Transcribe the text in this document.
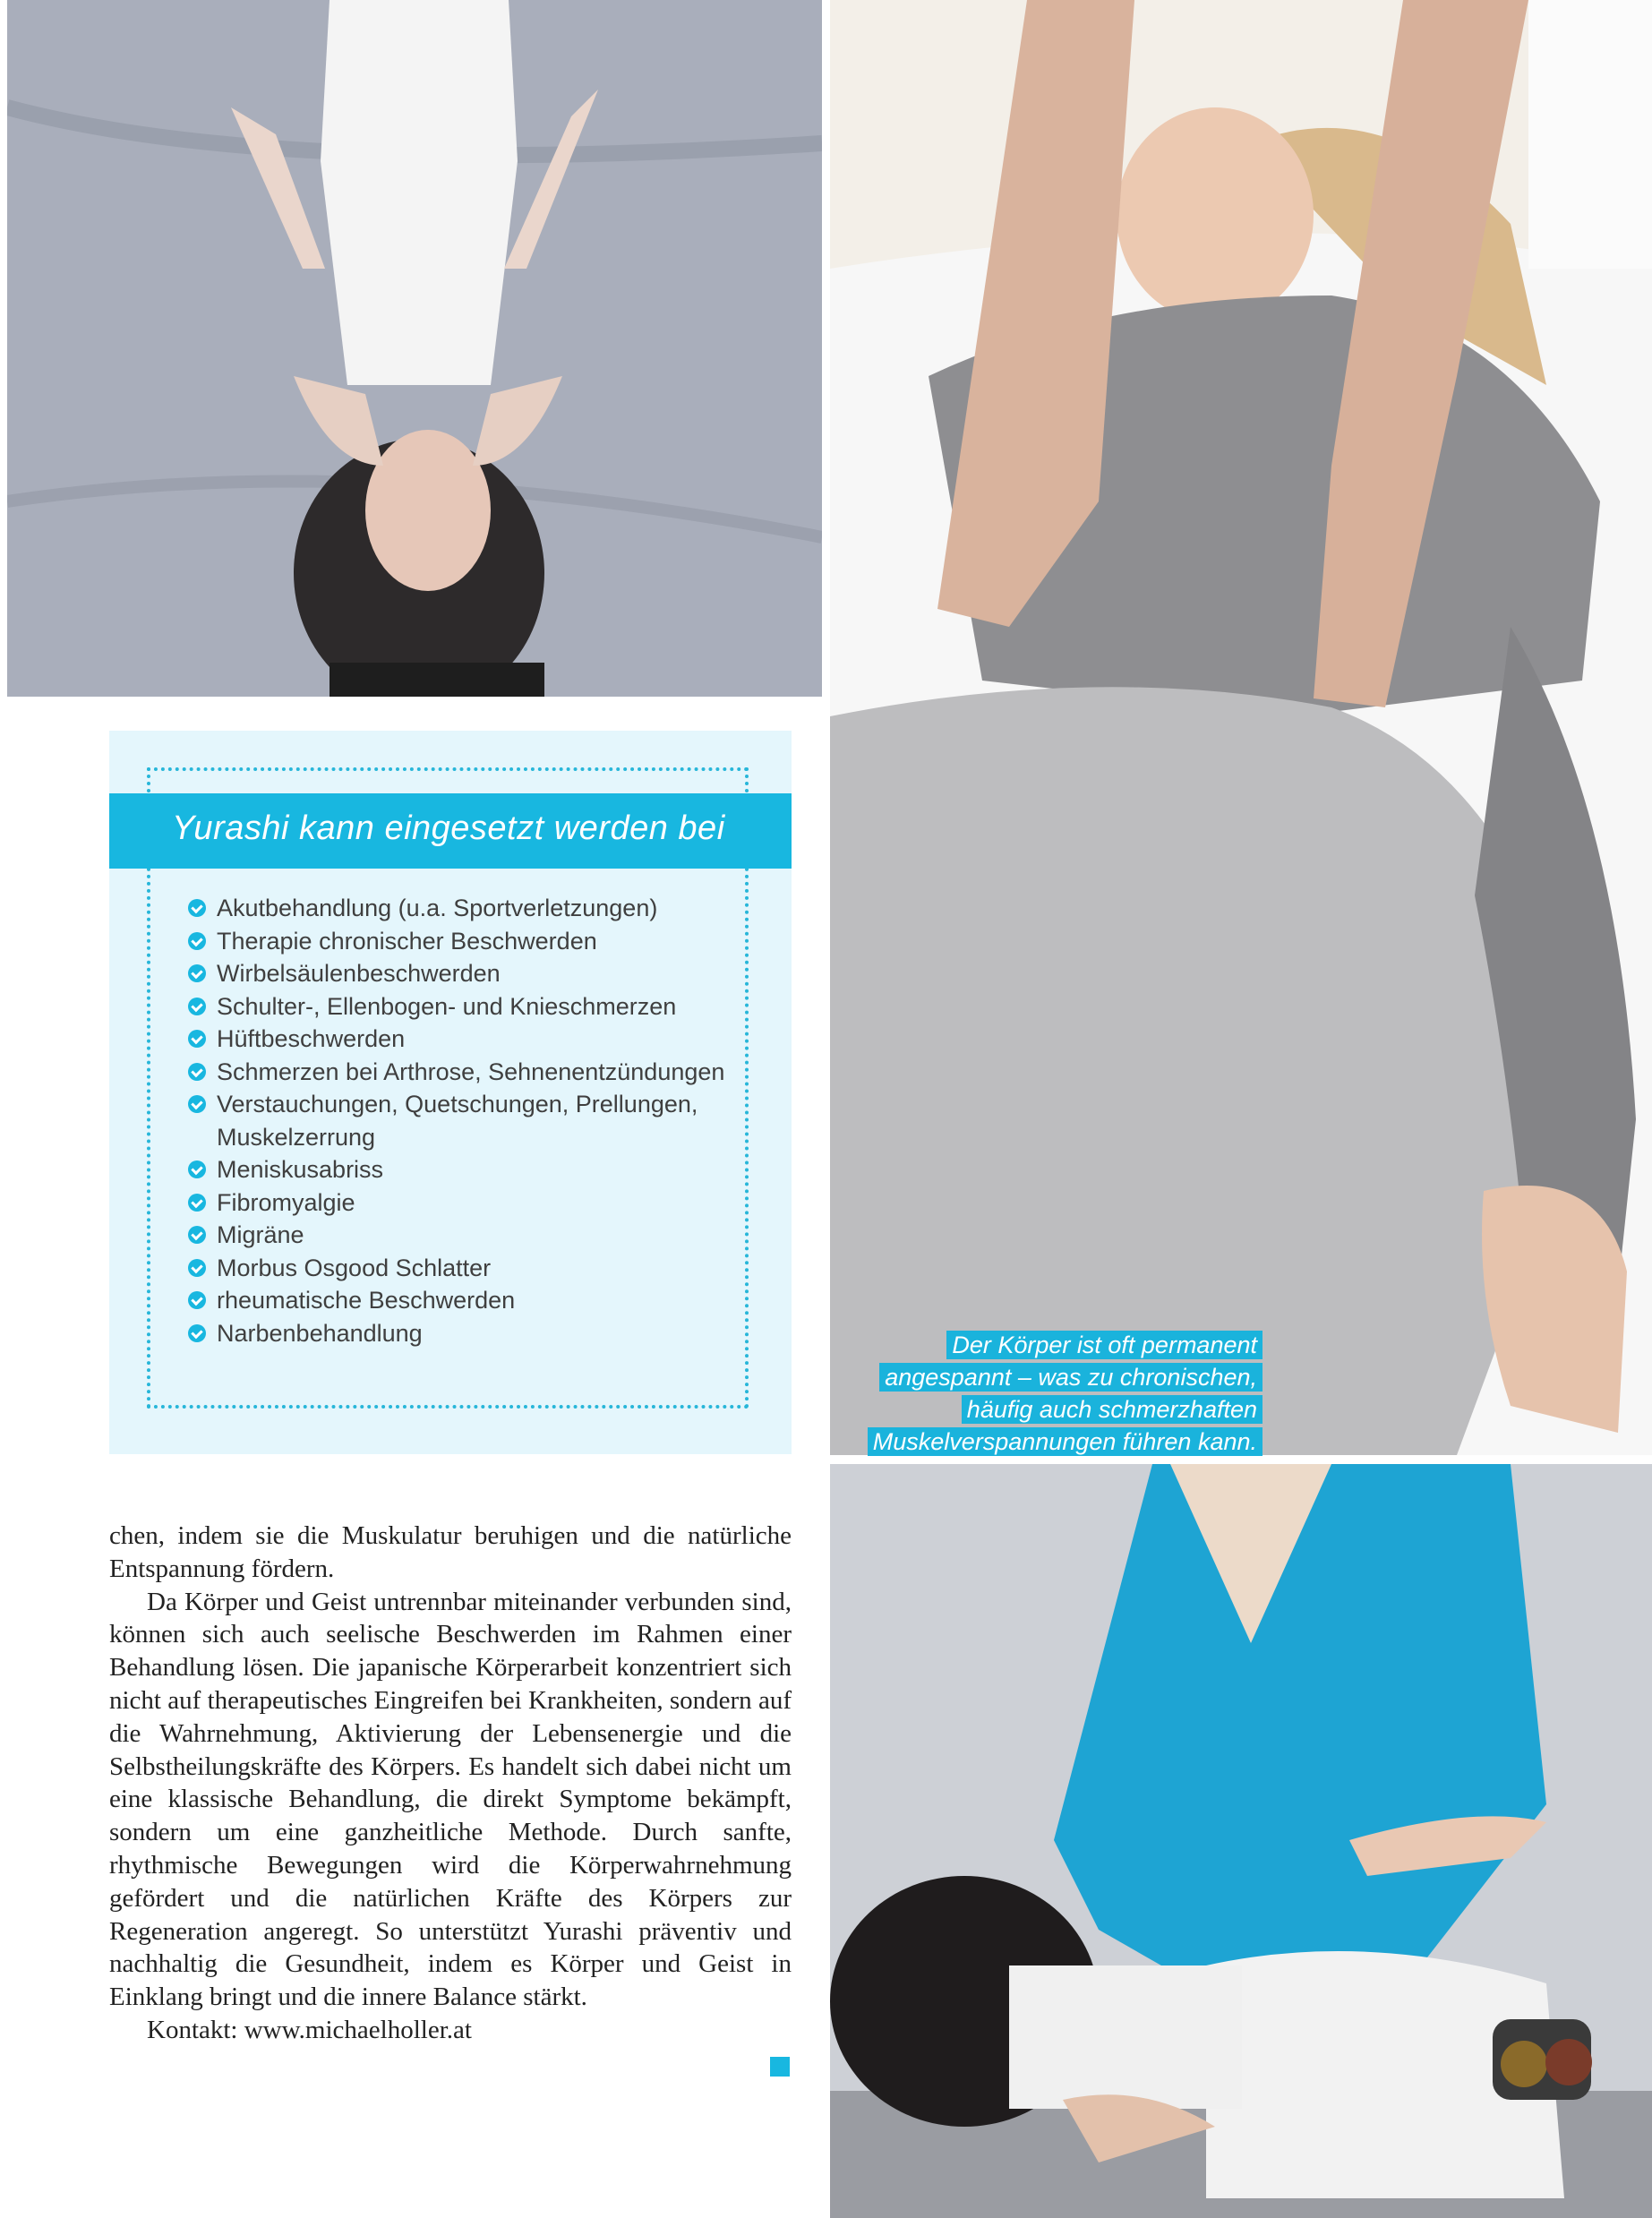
Yurashi kann eingesetzt werden bei
Akutbehandlung (u.a. Sportverletzungen)
Therapie chronischer Beschwerden
Wirbelsäulenbeschwerden
Schulter-, Ellenbogen- und Knieschmerzen
Hüftbeschwerden
Schmerzen bei Arthrose, Sehnenentzündungen
Verstauchungen, Quetschungen, Prellungen, Muskelzerrung
Meniskusabriss
Fibromyalgie
Migräne
Morbus Osgood Schlatter
rheumatische Beschwerden
Narbenbehandlung	Der Körper ist oft permanent angespannt – was zu chronischen, häufig auch schmerzhaften Muskelverspannungen führen kann.

chen, indem sie die Muskulatur beruhigen und die natürliche Entspannung fördern.

Da Körper und Geist untrennbar miteinander verbunden sind, können sich auch seelische Beschwerden im Rahmen einer Behandlung lösen. Die japanische Körperarbeit konzentriert sich nicht auf therapeutisches Eingreifen bei Krankheiten, sondern auf die Wahrnehmung, Aktivierung der Lebensenergie und die Selbstheilungskräfte des Körpers. Es handelt sich dabei nicht um eine klassische Behandlung, die direkt Symptome bekämpft, sondern um eine ganzheitliche Methode. Durch sanfte, rhythmische Bewegungen wird die Körperwahrnehmung gefördert und die natürlichen Kräfte des Körpers zur Regeneration angeregt. So unterstützt Yurashi präventiv und nachhaltig die Gesundheit, indem es Körper und Geist in Einklang bringt und die innere Balance stärkt.

Kontakt: www.michaelholler.at
